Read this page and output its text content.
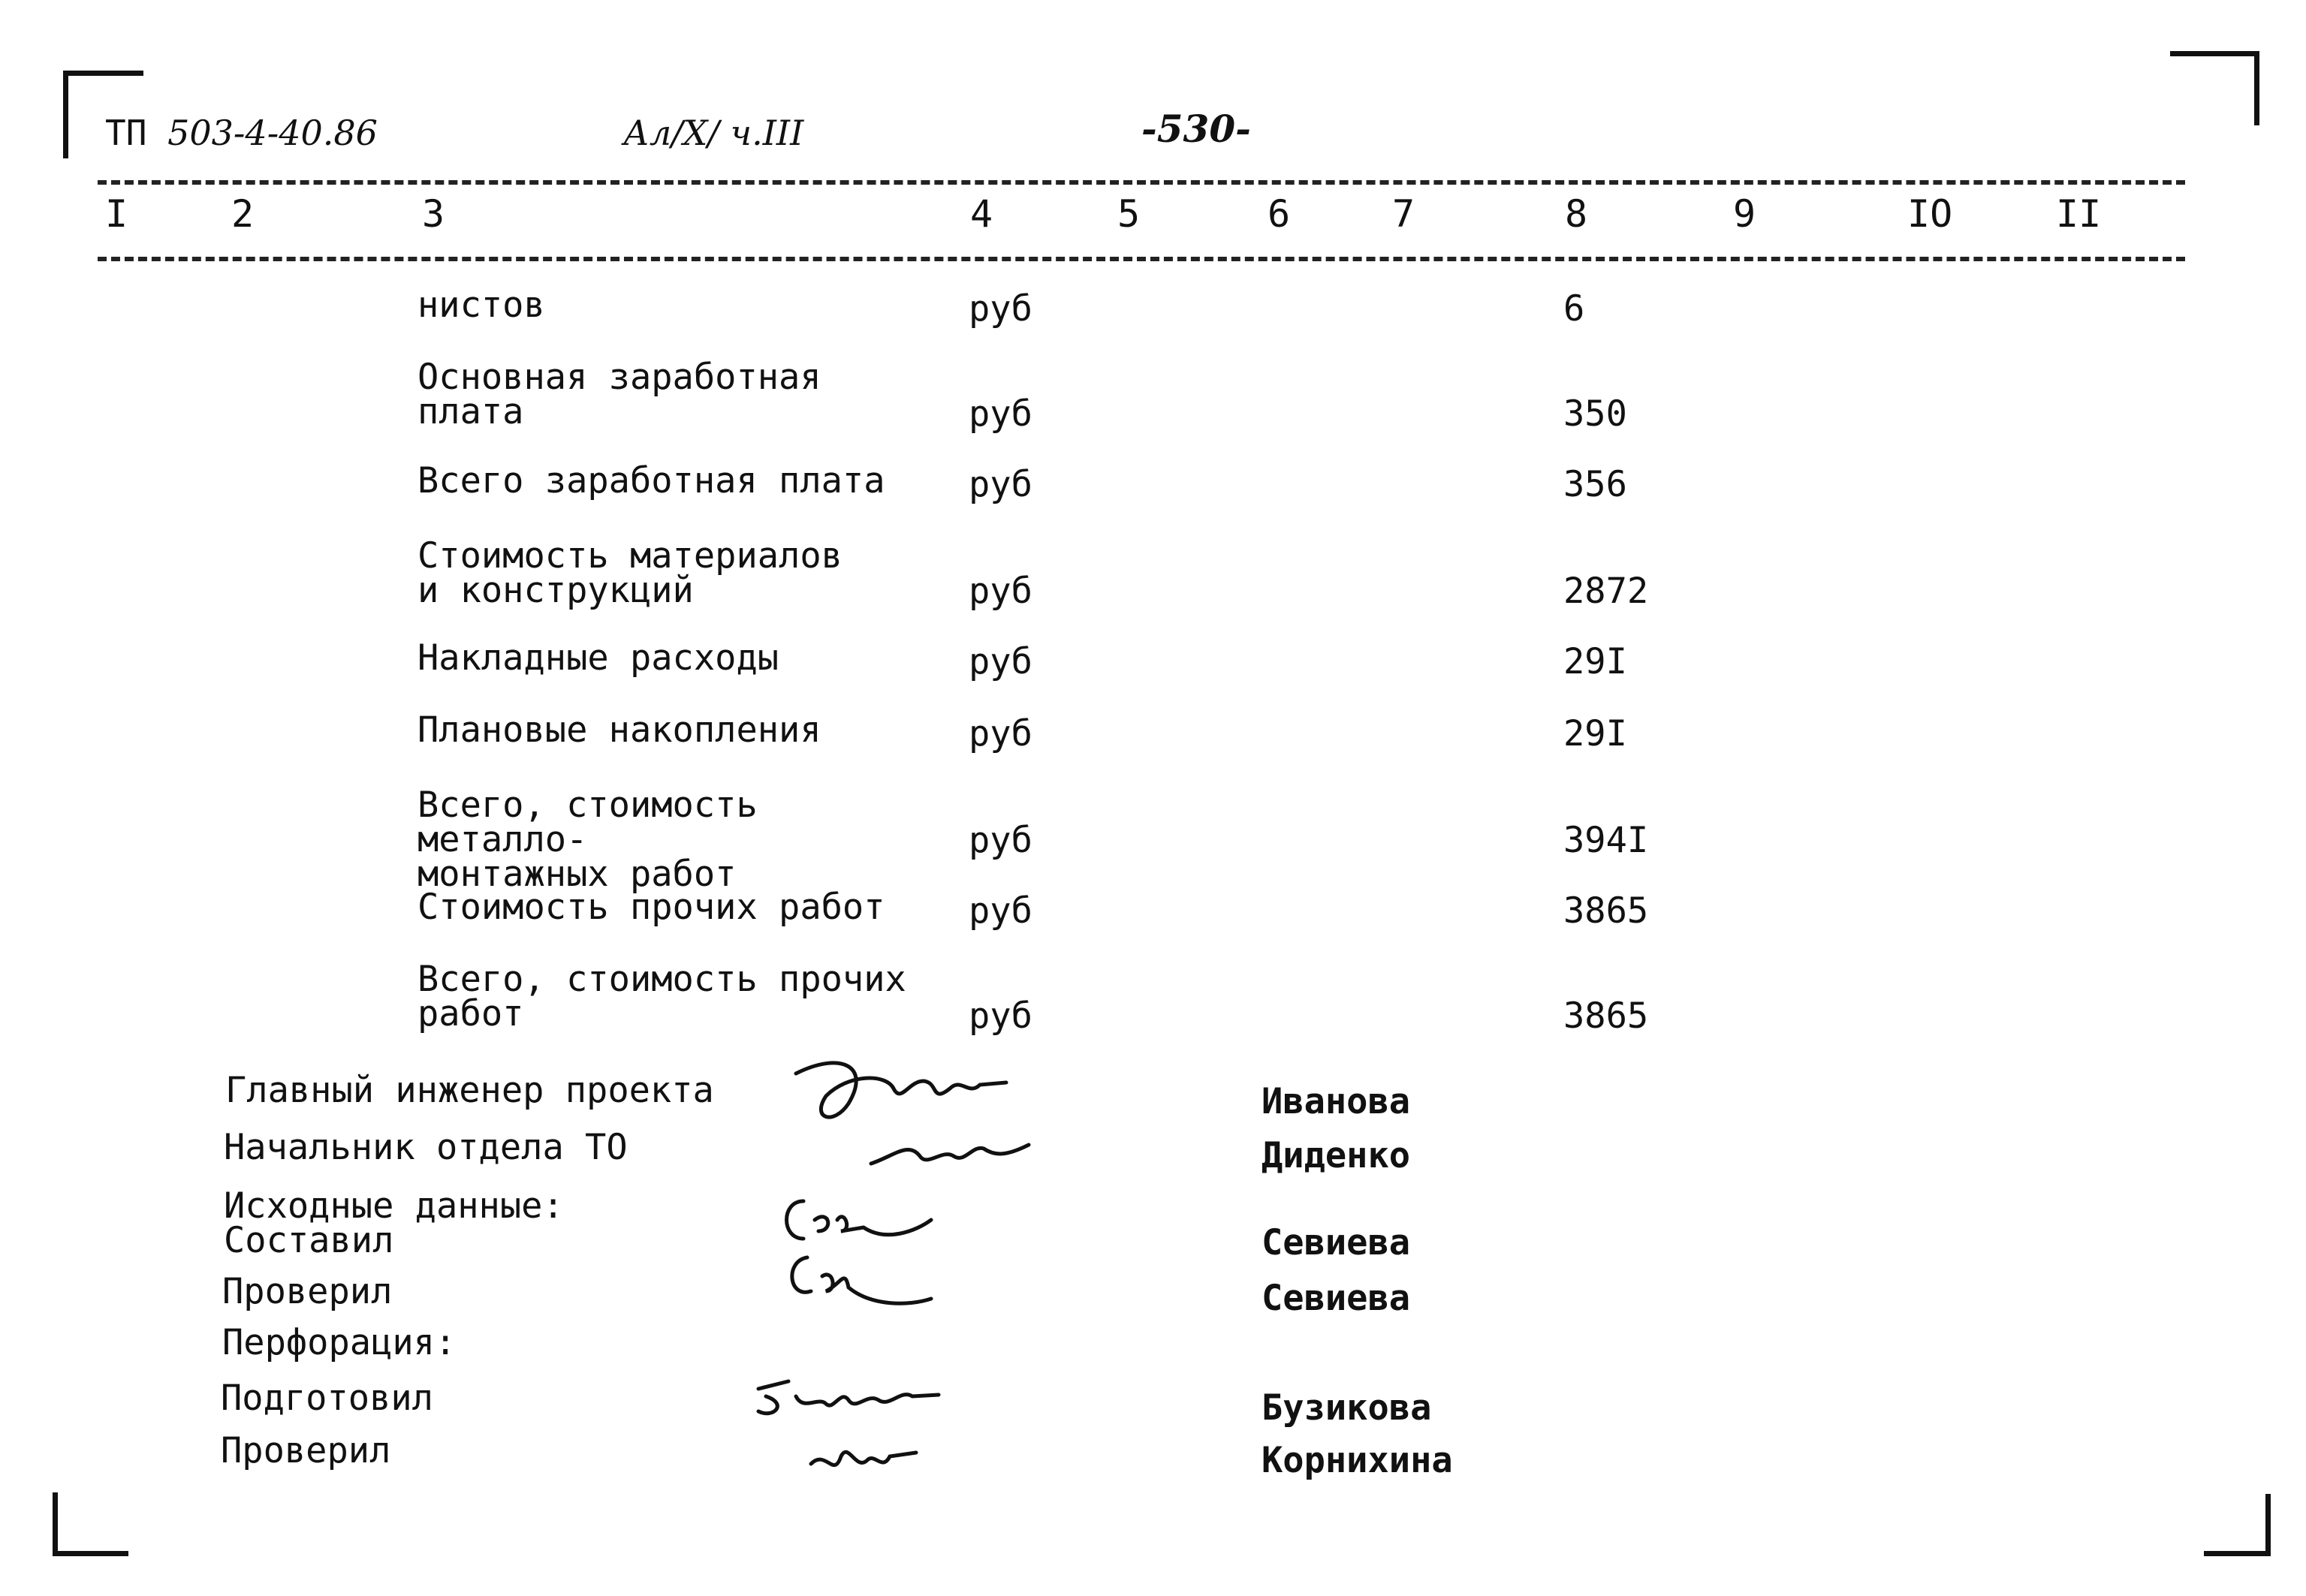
ТП 503-4-40.86	Ал/Х/ ч.III	-530-
I	2	3	4	5	6	7	8	9	IO	II
нистов	руб	6
Основная заработная
плата	руб	350
Всего заработная плата	руб	356
Стоимость материалов
и конструкций	руб	2872
Накладные расходы	руб	29I
Плановые накопления	руб	29I
Всего, стоимость металло-
монтажных работ
руб	394I
Стоимость прочих работ	руб	3865
Всего, стоимость прочих
работ	руб	3865
Главный инженер проекта	Иванова
Начальник отдела ТО	Диденко
Исходные данные:
Составил	Севиева
Проверил	Севиева
Перфорация:
Подготовил	Бузикова
Проверил	Корнихина
